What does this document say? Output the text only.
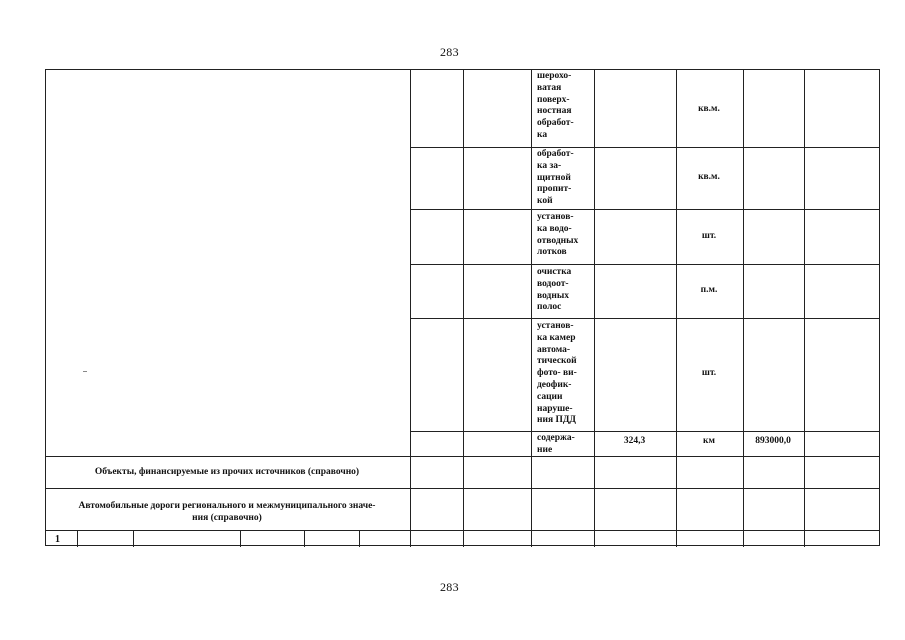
283
шерохо-
ватая
поверх-
ностная
обработ-
ка
кв.м.
обработ-
ка за-
щитной
пропит-
кой
кв.м.
установ-
ка водо-
отводных
лотков
шт.
очистка
водоот-
водных
полос
п.м.
установ-
ка камер
автома-
тической
фото- ви-
деофик-
сации
наруше-
ния ПДД
шт.
содержа-
ние
324,3	км	893000,0
Объекты, финансируемые из прочих источников (справочно)
Автомобильные дороги регионального и межмуниципального значе-
ния (справочно)
1
283
